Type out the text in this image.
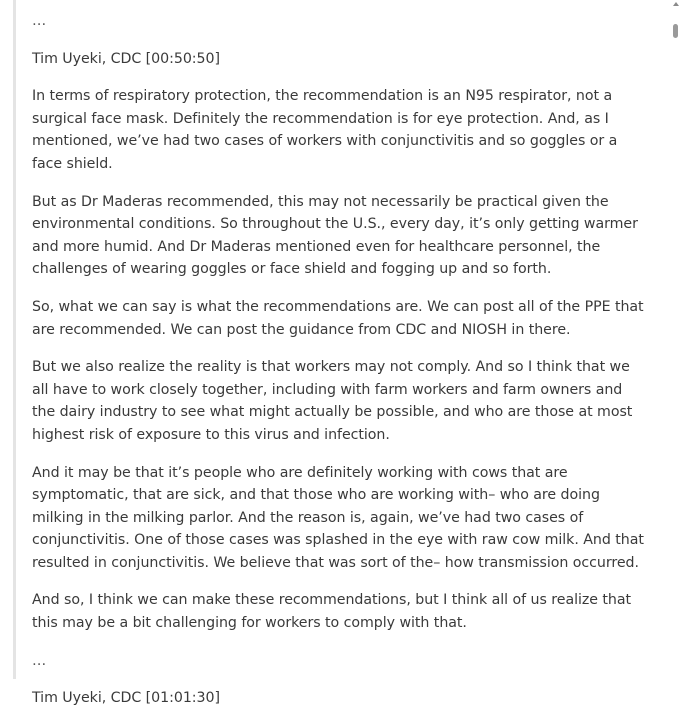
…

Tim Uyeki, CDC [00:50:50]

In terms of respiratory protection, the recommendation is an N95 respirator, not a surgical face mask. Definitely the recommendation is for eye protection. And, as I mentioned, we’ve had two cases of workers with conjunctivitis and so goggles or a face shield.

But as Dr Maderas recommended, this may not necessarily be practical given the environmental conditions. So throughout the U.S., every day, it’s only getting warmer and more humid. And Dr Maderas mentioned even for healthcare personnel, the challenges of wearing goggles or face shield and fogging up and so forth.

So, what we can say is what the recommendations are. We can post all of the PPE that are recommended. We can post the guidance from CDC and NIOSH in there.

But we also realize the reality is that workers may not comply. And so I think that we all have to work closely together, including with farm workers and farm owners and the dairy industry to see what might actually be possible, and who are those at most highest risk of exposure to this virus and infection.

And it may be that it’s people who are definitely working with cows that are symptomatic, that are sick, and that those who are working with– who are doing milking in the milking parlor. And the reason is, again, we’ve had two cases of conjunctivitis. One of those cases was splashed in the eye with raw cow milk. And that resulted in conjunctivitis. We believe that was sort of the– how transmission occurred.

And so, I think we can make these recommendations, but I think all of us realize that this may be a bit challenging for workers to comply with that.

…

Tim Uyeki, CDC [01:01:30]
